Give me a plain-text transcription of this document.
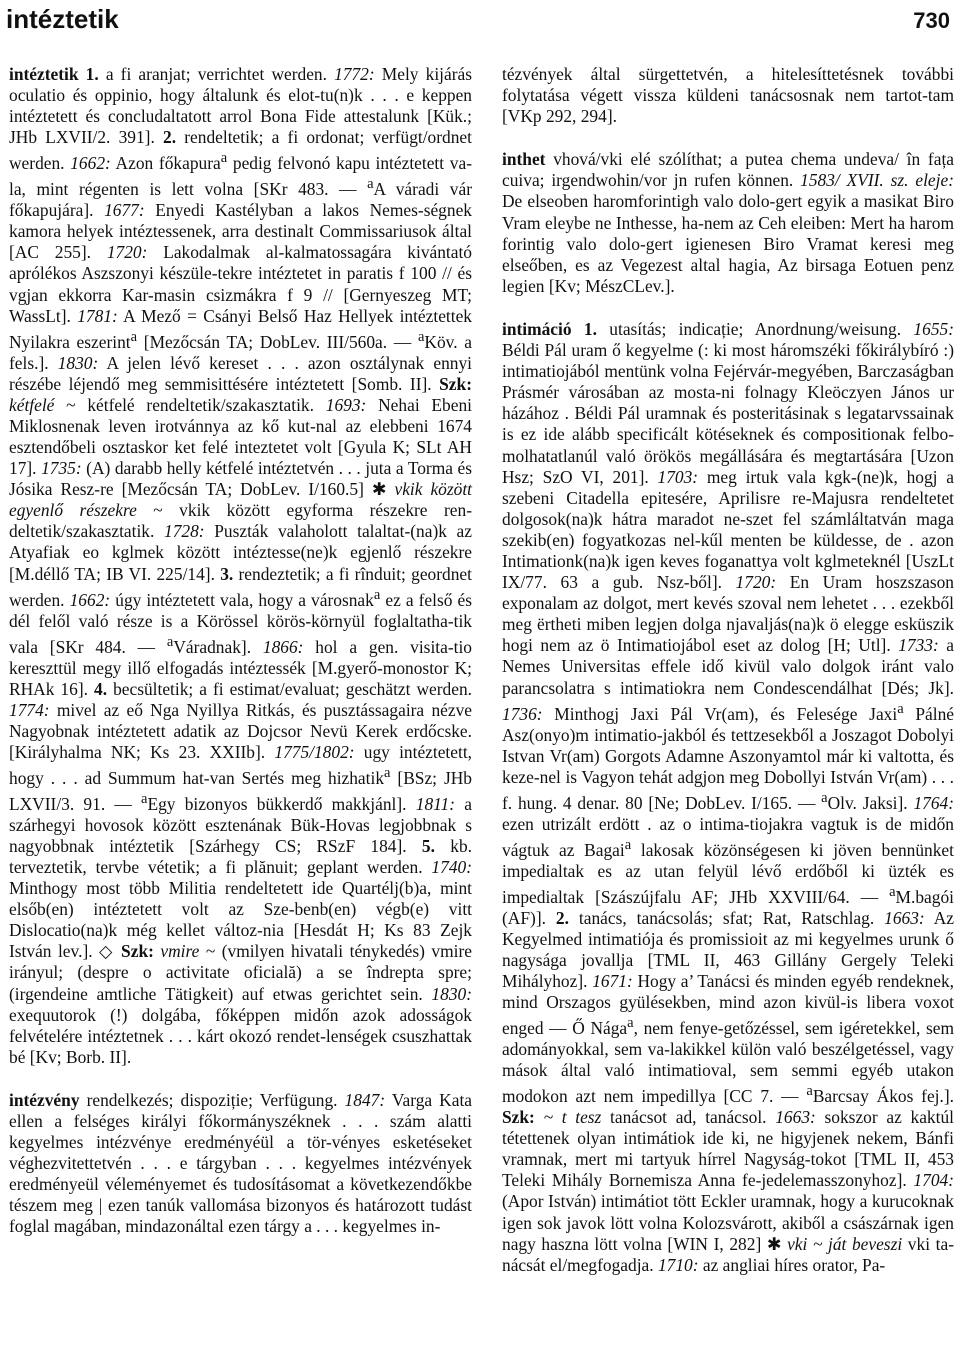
intéztetik	730

intéztetik 1. a fi aranjat; verrichtet werden. 1772: Mely kijárás oculatio és oppinio, hogy általunk és elot-tu(n)k . . . e keppen intéztetett és concludaltatott arrol Bona Fide attestalunk [Kük.; JHb LXVII/2. 391]. 2. rendeltetik; a fi ordonat; verfügt/ordnet werden. 1662: Azon főkapura$^a$ pedig felvonó kapu intéztetett va-la, mint régenten is lett volna [SKr 483. — $^a$A váradi vár főkapujára]. 1677: Enyedi Kastélyban a lakos Nemes-ségnek kamora helyek intéztessenek, arra destinalt Commissariusok által [AC 255]. 1720: Lakodalmak al-kalmatossagára kivántató aprólékos Aszszonyi készüle-tekre intéztetet in paratis f 100 // és vgjan ekkorra Kar-masin csizmákra f 9 // [Gernyeszeg MT; WassLt]. 1781: A Mező = Csányi Belső Haz Hellyek intéztettek Nyilakra eszerint$^a$ [Mezőcsán TA; DobLev. III/560a. — $^a$Köv. a fels.]. 1830: A jelen lévő kereset . . . azon osztálynak ennyi részébe léjendő meg semmisittésére intéztetett [Somb. II]. Szk: kétfelé ~ kétfelé rendeltetik/szakasztatik. 1693: Nehai Ebeni Miklosnenak leven irotvánnya az kő kut-nal az elebbeni 1674 esztendőbeli osztaskor ket felé inteztetet volt [Gyula K; SLt AH 17]. 1735: (A) darabb helly kétfelé intéztetvén . . . juta a Torma és Jósika Resz-re [Mezőcsán TA; DobLev. I/160.5] ✱ vkik között egyenlő részekre ~ vkik között egyforma részekre ren-deltetik/szakasztatik. 1728: Puszták valaholott talaltat-(na)k az Atyafiak eo kglmek között intéztesse(ne)k egjenlő részekre [M.déllő TA; IB VI. 225/14]. 3. rendeztetik; a fi rînduit; geordnet werden. 1662: úgy intéztetett vala, hogy a városnak$^a$ ez a felső és dél felől való része is a Körössel körös-környül foglaltatha-tik vala [SKr 484. — $^a$Váradnak]. 1866: hol a gen. visita-tio kereszttül megy illő elfogadás intéztessék [M.gyerő-monostor K; RHAk 16]. 4. becsültetik; a fi estimat/evaluat; geschätzt werden. 1774: mivel az eő Nga Nyillya Ritkás, és pusztássagaira nézve Nagyobnak intéztetett adatik az Dojcsor Nevü Kerek erdőcske. [Királyhalma NK; Ks 23. XXIIb]. 1775/1802: ugy intéztetett, hogy . . . ad Summum hat-van Sertés meg hizhatik$^a$ [BSz; JHb LXVII/3. 91. — $^a$Egy bizonyos bükkerdő makkjánl]. 1811: a szárhegyi hovosok között esztenának Bük-Hovas legjobbnak s nagyobbnak intéztetik [Szárhegy CS; RSzF 184]. 5. kb. terveztetik, tervbe vétetik; a fi plănuit; geplant werden. 1740: Minthogy most több Militia rendeltetett ide Quartélj(b)a, mint elsőb(en) intéztetett volt az Sze-benb(en) végb(e) vitt Dislocatio(na)k még kellet változ-nia [Hesdát H; Ks 83 Zejk István lev.]. ◇ Szk: vmire ~ (vmilyen hivatali ténykedés) vmire irányul; (despre o activitate oficială) a se îndrepta spre; (irgendeine amtliche Tätigkeit) auf etwas gerichtet sein. 1830: exequutorok (!) dolgába, főképpen midőn azok adosságok felvételére intéztetnek . . . kárt okozó rendet-lenségek csuszhattak bé [Kv; Borb. II].

intézvény rendelkezés; dispoziție; Verfügung. 1847: Varga Kata ellen a felséges királyi főkormányszéknek . . . szám alatti kegyelmes intézvénye eredményéül a tör-vényes esketéseket véghezvitettetvén . . . e tárgyban . . . kegyelmes intézvények eredményeül véleményemet és tudosításomat a következendőkbe tészem meg | ezen tanúk vallomása bizonyos és határozott tudást foglal magában, mindazonáltal ezen tárgy a . . . kegyelmes in-

tézvények által sürgettetvén, a hitelesíttetésnek további folytatása végett vissza küldeni tanácsosnak nem tartot-tam [VKp 292, 294].

inthet vhová/vki elé szólíthat; a putea chema undeva/ în fața cuiva; irgendwohin/vor jn rufen können. 1583/ XVII. sz. eleje: De elseoben haromforintigh valo dolo-gert egyik a masikat Biro Vram eleybe ne Inthesse, ha-nem az Ceh eleiben: Mert ha harom forintig valo dolo-gert igienesen Biro Vramat keresi meg elseőben, es az Vegezest altal hagia, Az birsaga Eotuen penz legien [Kv; MészCLev.].

intimáció 1. utasítás; indicație; Anordnung/weisung. 1655: Béldi Pál uram ő kegyelme (: ki most háromszéki főkirálybíró :) intimatiojából mentünk volna Fejérvár-megyében, Barczaságban Prásmér városában az mosta-ni folnagy Kleöczyen János ur házához . Béldi Pál uramnak és posteritásinak s legatarvssainak is ez ide alább specificált kötéseknek és compositionak felbo-molhatatlanúl való örökös megállására és megtartására [Uzon Hsz; SzO VI, 201]. 1703: meg irtuk vala kgk-(ne)k, hogj a szebeni Citadella epitesére, Aprilisre re-Majusra rendeltetet dolgosok(na)k hátra maradot ne-szet fel számláltatván maga szekib(en) fogyatkozas nel-kűl menten be küldesse, de . azon Intimationk(na)k igen keves foganattya volt kglmeteknél [UszLt IX/77. 63 a gub. Nsz-ből]. 1720: En Uram hoszszason exponalam az dolgot, mert kevés szoval nem lehetet . . . ezekből meg ërtheti miben legjen dolga njavaljás(na)k ö elegge esküszik hogi nem az ö Intimatiojábol eset az dolog [H; Utl]. 1733: a Nemes Universitas effele idő kivül valo dolgok iránt valo parancsolatra s intimatiokra nem Condescendálhat [Dés; Jk]. 1736: Minthogj Jaxi Pál Vr(am), és Felesége Jaxi$^a$ Pálné Asz(onyo)m intimatio-jakból és tettzesekből a Joszagot Dobolyi Istvan Vr(am) Gorgots Adamne Aszonyamtol már ki valtotta, és keze-nel is Vagyon tehát adgjon meg Dobollyi István Vr(am) . . . f. hung. 4 denar. 80 [Ne; DobLev. I/165. — $^a$Olv. Jaksi]. 1764: ezen utrizált erdött . az o intima-tiojakra vagtuk is de midőn vágtuk az Bagai$^a$ lakosak közönségesen ki jöven bennünket impedialtak es az utan felyül lévő erdőből ki üzték es impedialtak [Szászújfalu AF; JHb XXVIII/64. — $^a$M.bagói (AF)]. 2. tanács, tanácsolás; sfat; Rat, Ratschlag. 1663: Az Kegyelmed intimatiója és promissioit az mi kegyelmes urunk ő nagysága jovallja [TML II, 463 Gillány Gergely Teleki Mihályhoz]. 1671: Hogy a’ Tanácsi és minden egyéb rendeknek, mind Orszagos gyülésekben, mind azon kivül-is libera voxot enged — Ő Nága$^a$, nem fenye-getőzéssel, sem igéretekkel, sem adományokkal, sem va-lakikkel külön való beszélgetéssel, vagy mások által való intimatioval, sem semmi egyéb utakon modokon azt nem impedillya [CC 7. — $^a$Barcsay Ákos fej.]. Szk: ~ t tesz tanácsot ad, tanácsol. 1663: sokszor az kaktúl tétettenek olyan intimátiok ide ki, ne higyjenek nekem, Bánfi vramnak, mert mi tartyuk hírrel Nagyság-tokot [TML II, 453 Teleki Mihály Bornemisza Anna fe-jedelemasszonyhoz]. 1704: (Apor István) intimátiot tött Eckler uramnak, hogy a kurucoknak igen sok javok lött volna Kolozsvárott, akiből a császárnak igen nagy haszna lött volna [WIN I, 282] ✱ vki ~ ját beveszi vki ta-nácsát el/megfogadja. 1710: az angliai híres orator, Pa-
